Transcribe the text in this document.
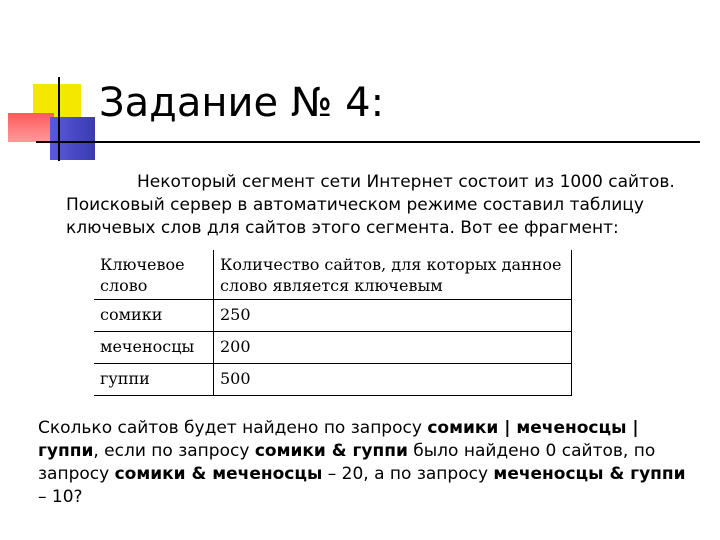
Задание № 4:

Некоторый сегмент сети Интернет состоит из 1000 сайтов.
Поисковый сервер в автоматическом режиме составил таблицу
ключевых слов для сайтов этого сегмента. Вот ее фрагмент:

Ключевое
слово	Количество сайтов, для которых данное
слово является ключевым
сомики	250
меченосцы	200
гуппи	500

Сколько сайтов будет найдено по запросу сомики | меченосцы | гуппи, если по запросу сомики & гуппи было найдено 0 сайтов, по запросу сомики & меченосцы – 20, а по запросу меченосцы & гуппи – 10?
